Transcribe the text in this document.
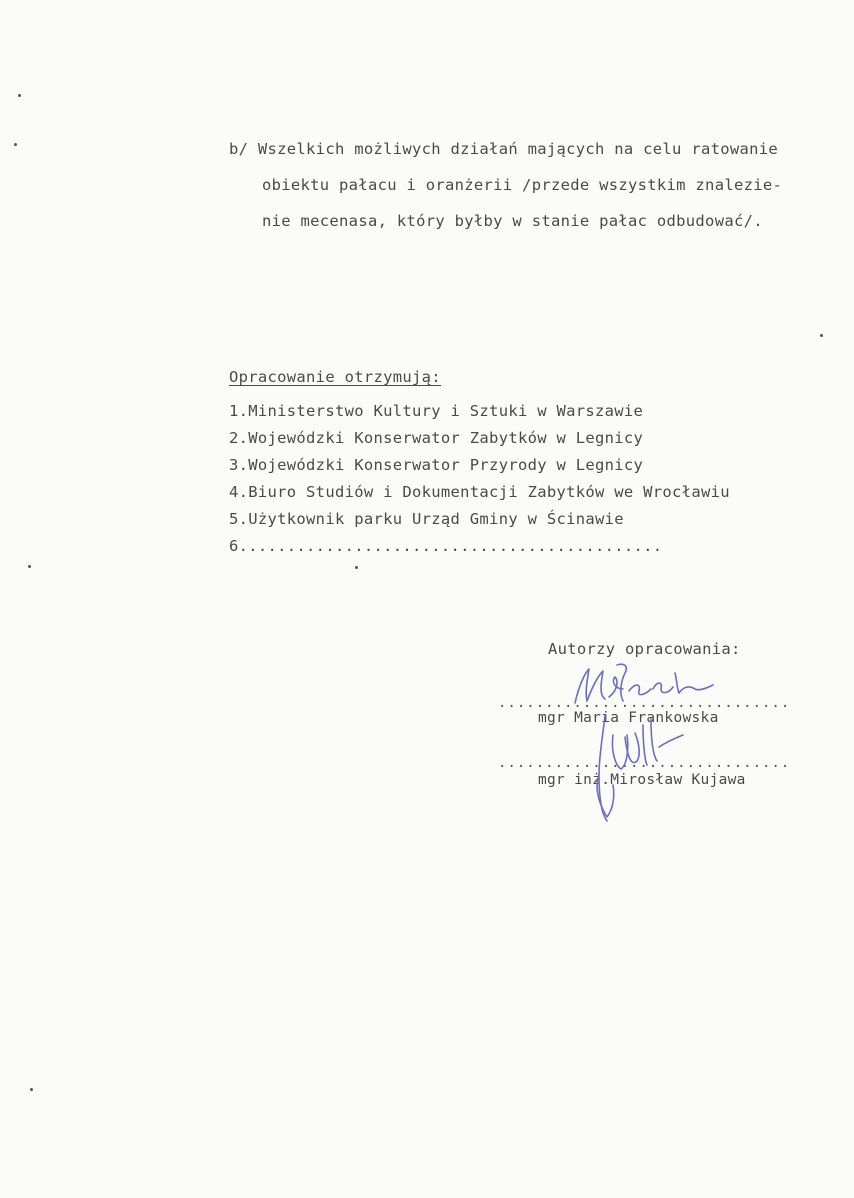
b/ Wszelkich możliwych działań mających na celu ratowanie
obiektu pałacu i oranżerii /przede wszystkim znalezie-
nie mecenasa, który byłby w stanie pałac odbudować/.
Opracowanie otrzymują:
1.Ministerstwo Kultury i Sztuki w Warszawie
2.Wojewódzki Konserwator Zabytków w Legnicy
3.Wojewódzki Konserwator Przyrody w Legnicy
4.Biuro Studiów i Dokumentacji Zabytków we Wrocławiu
5.Użytkownik parku Urząd Gminy w Ścinawie
6............................................
Autorzy opracowania:
...............................
mgr Maria Frankowska
...............................
mgr inż.Mirosław Kujawa
